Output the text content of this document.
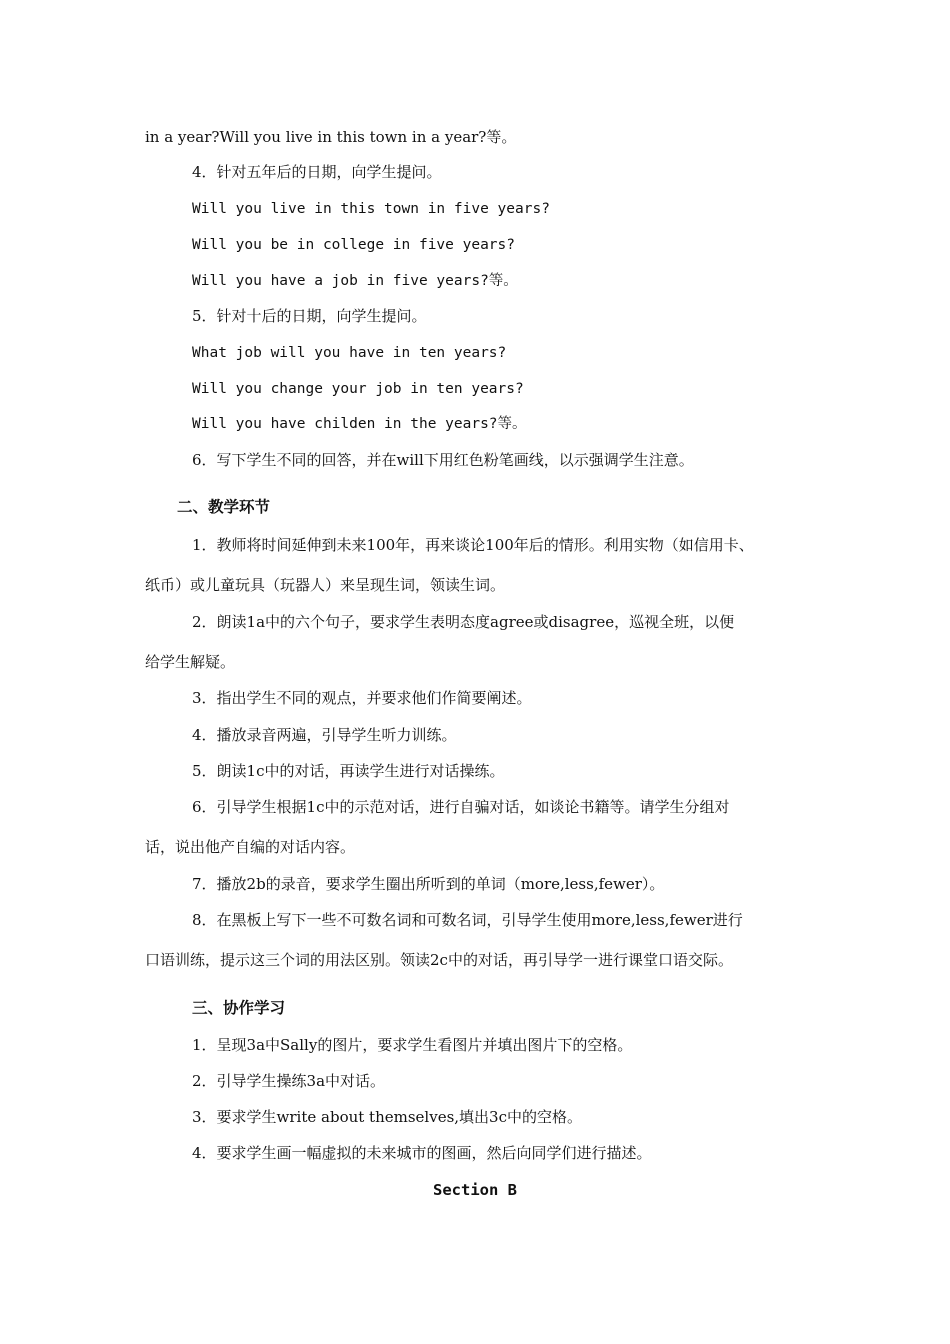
in a year?Will you live in this town in a year?等。

4．针对五年后的日期，向学生提问。

Will you live in this town in five years?

Will you be in college in five years?

Will you have a job in five years?等。

5．针对十后的日期，向学生提问。

What job will you have in ten years?

Will you change your job in ten years?

Will you have childen in the years?等。

6．写下学生不同的回答，并在will下用红色粉笔画线，以示强调学生注意。

二、教学环节

1．教师将时间延伸到未来100年，再来谈论100年后的情形。利用实物（如信用卡、

纸币）或儿童玩具（玩器人）来呈现生词，领读生词。

2．朗读1a中的六个句子，要求学生表明态度agree或disagree，巡视全班，以便

给学生解疑。

3．指出学生不同的观点，并要求他们作简要阐述。

4．播放录音两遍，引导学生听力训练。

5．朗读1c中的对话，再读学生进行对话操练。

6．引导学生根据1c中的示范对话，进行自骗对话，如谈论书籍等。请学生分组对

话，说出他产自编的对话内容。

7．播放2b的录音，要求学生圈出所听到的单词（more,less,fewer）。

8．在黑板上写下一些不可数名词和可数名词，引导学生使用more,less,fewer进行

口语训练，提示这三个词的用法区别。领读2c中的对话，再引导学一进行课堂口语交际。

三、协作学习

1．呈现3a中Sally的图片，要求学生看图片并填出图片下的空格。

2．引导学生操练3a中对话。

3．要求学生write about themselves,填出3c中的空格。

4．要求学生画一幅虚拟的未来城市的图画，然后向同学们进行描述。

Section B
